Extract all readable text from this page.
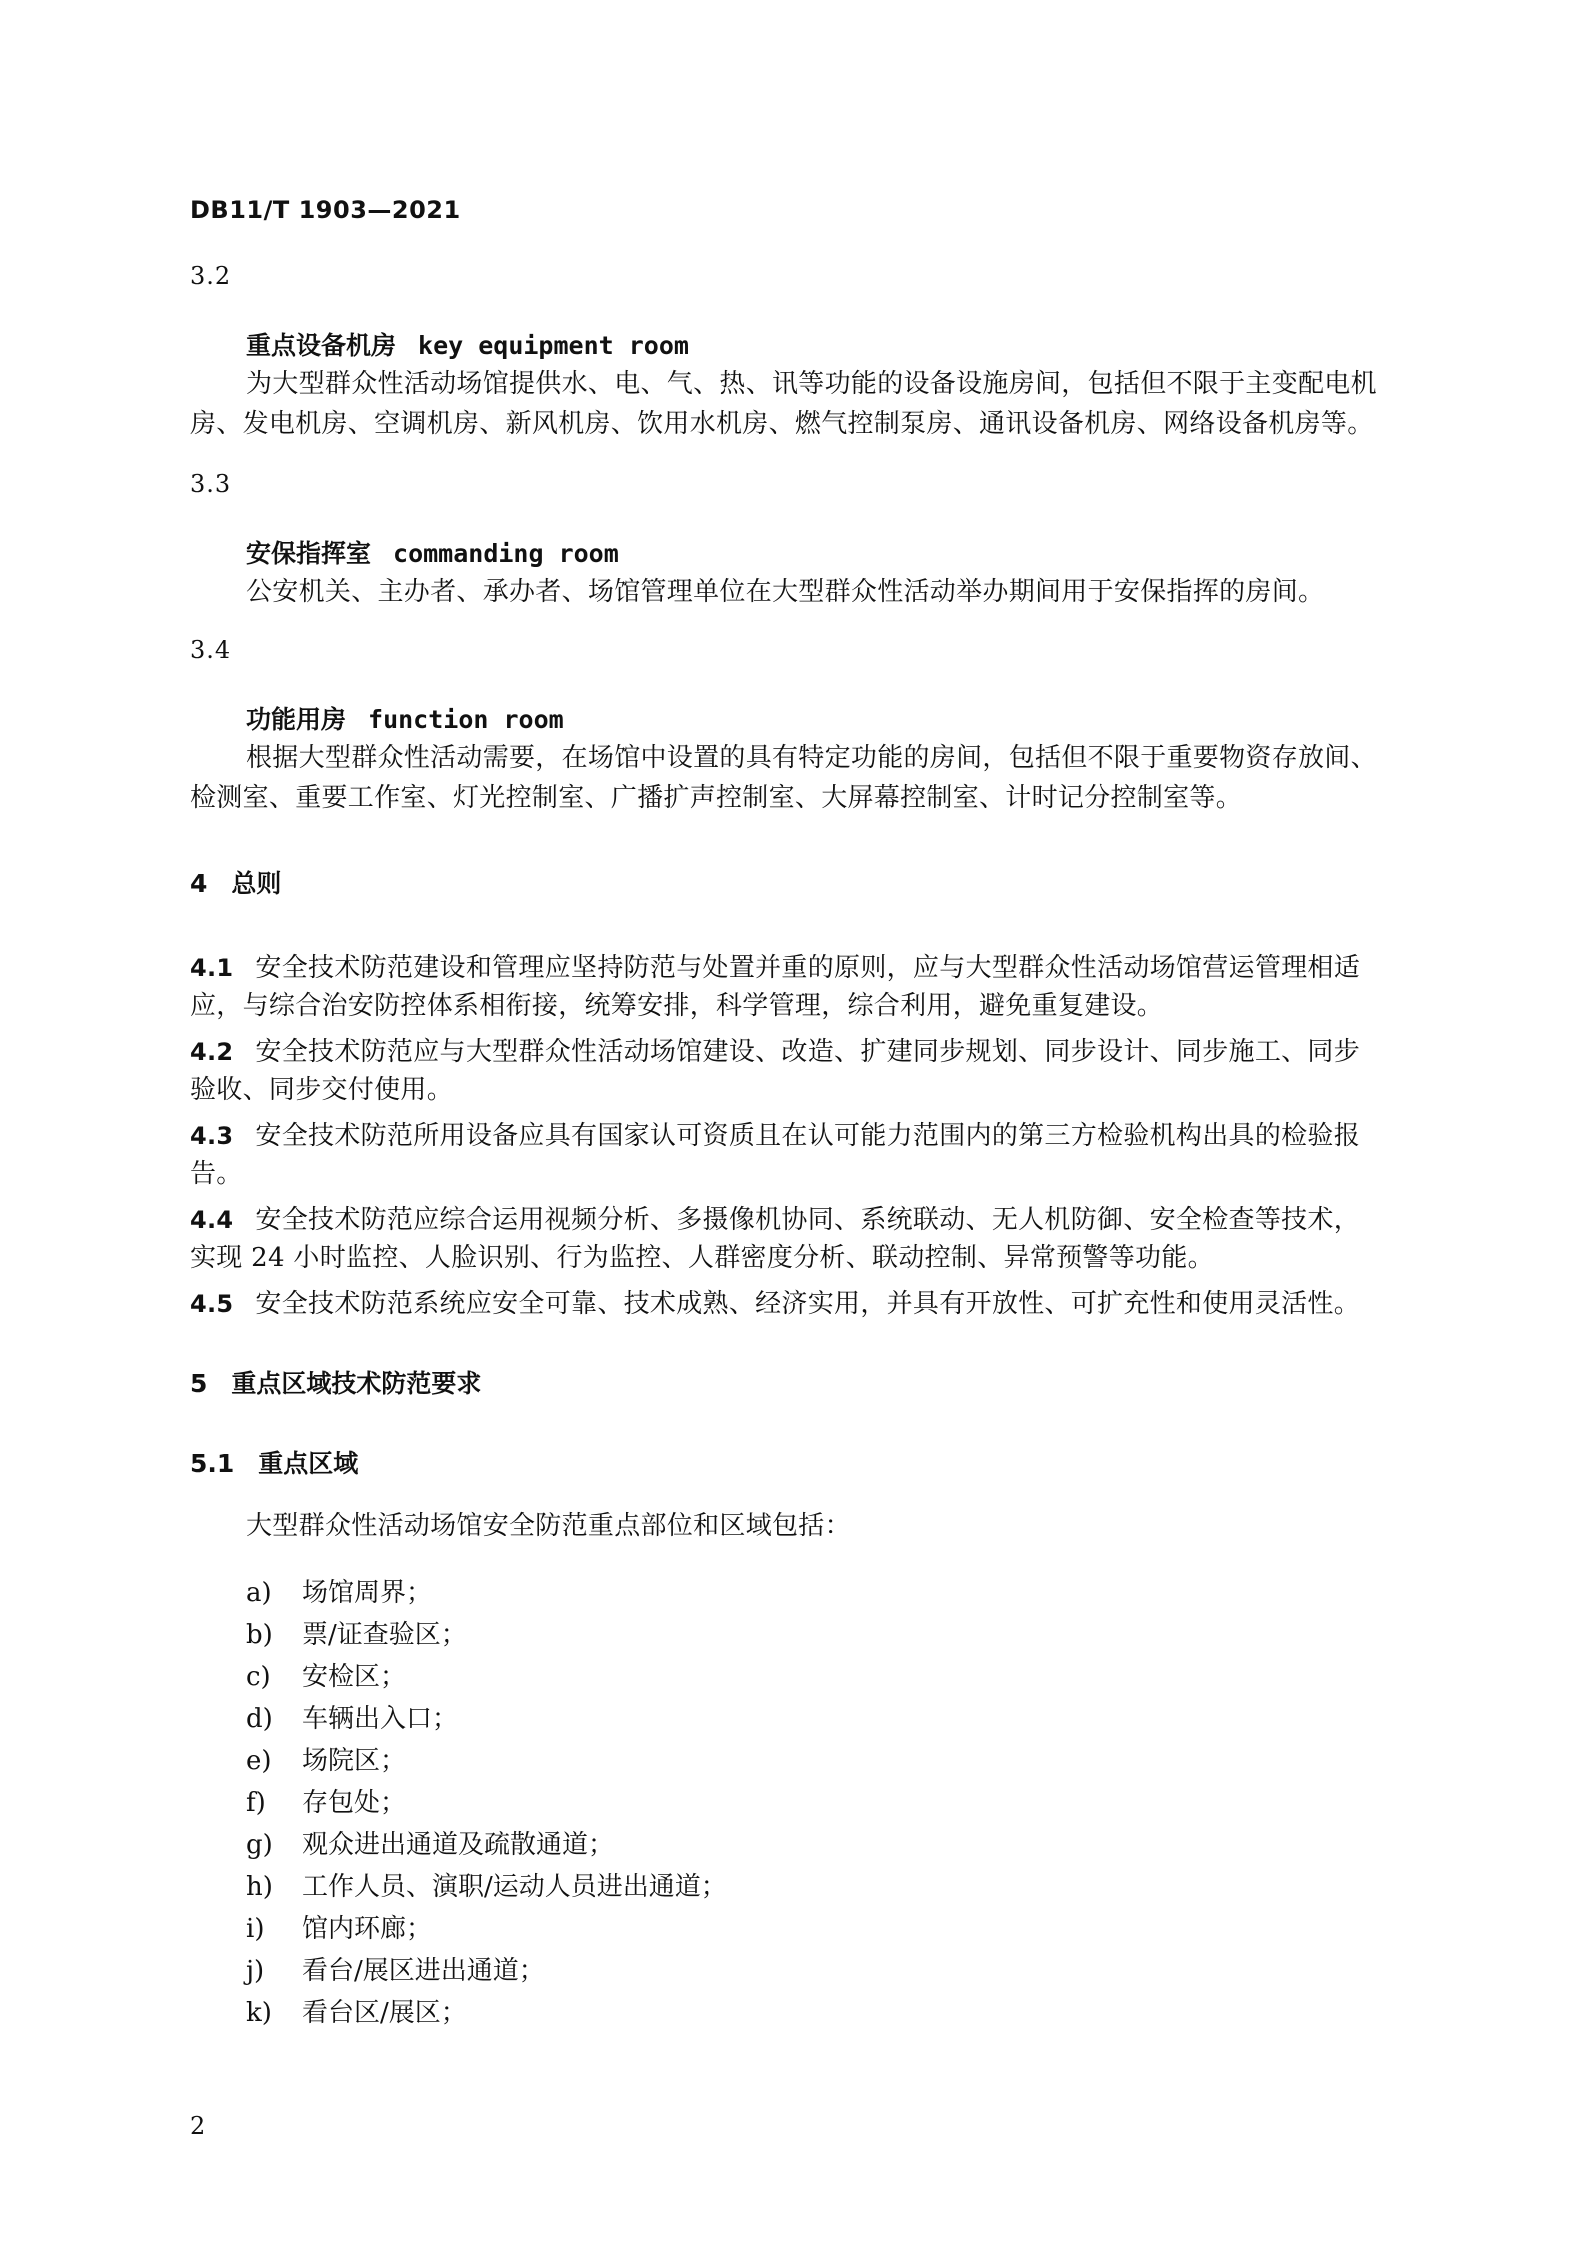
DB11/T 1903—2021
3.2
重点设备机房 key equipment room
为大型群众性活动场馆提供水、电、气、热、讯等功能的设备设施房间，包括但不限于主变配电机
房、发电机房、空调机房、新风机房、饮用水机房、燃气控制泵房、通讯设备机房、网络设备机房等。
3.3
安保指挥室 commanding room
公安机关、主办者、承办者、场馆管理单位在大型群众性活动举办期间用于安保指挥的房间。
3.4
功能用房 function room
根据大型群众性活动需要，在场馆中设置的具有特定功能的房间，包括但不限于重要物资存放间、
检测室、重要工作室、灯光控制室、广播扩声控制室、大屏幕控制室、计时记分控制室等。
4 总则
4.1 安全技术防范建设和管理应坚持防范与处置并重的原则，应与大型群众性活动场馆营运管理相适
应，与综合治安防控体系相衔接，统筹安排，科学管理，综合利用，避免重复建设。
4.2 安全技术防范应与大型群众性活动场馆建设、改造、扩建同步规划、同步设计、同步施工、同步
验收、同步交付使用。
4.3 安全技术防范所用设备应具有国家认可资质且在认可能力范围内的第三方检验机构出具的检验报
告。
4.4 安全技术防范应综合运用视频分析、多摄像机协同、系统联动、无人机防御、安全检查等技术，
实现 24 小时监控、人脸识别、行为监控、人群密度分析、联动控制、异常预警等功能。
4.5 安全技术防范系统应安全可靠、技术成熟、经济实用，并具有开放性、可扩充性和使用灵活性。
5 重点区域技术防范要求
5.1 重点区域
大型群众性活动场馆安全防范重点部位和区域包括：
a) 场馆周界；
b) 票/证查验区；
c) 安检区；
d) 车辆出入口；
e) 场院区；
f) 存包处；
g) 观众进出通道及疏散通道；
h) 工作人员、演职/运动人员进出通道；
i) 馆内环廊；
j) 看台/展区进出通道；
k) 看台区/展区；
2
